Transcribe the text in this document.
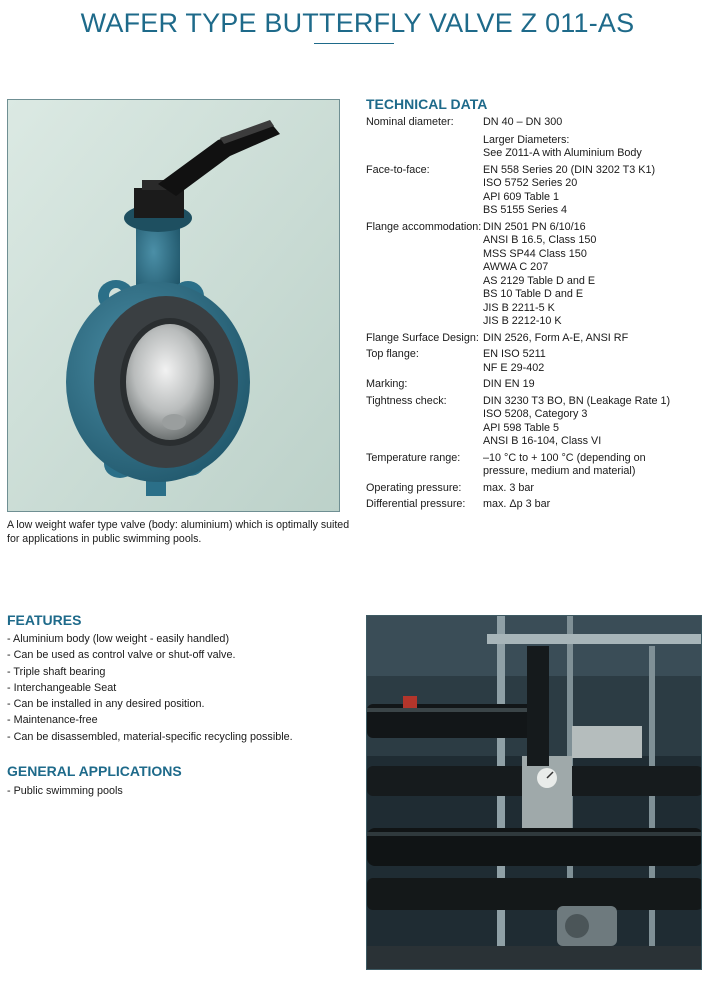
WAFER TYPE BUTTERFLY VALVE Z 011-AS
A low weight wafer type valve (body: aluminium) which is optimally suited for applications in public swimming pools.
TECHNICAL DATA
Nominal diameter:	DN 40 – DN 300
Larger Diameters:
See Z011-A with Aluminium Body
Face-to-face:	EN 558 Series 20 (DIN 3202 T3 K1)
ISO 5752 Series 20
API 609 Table 1
BS 5155 Series 4
Flange accommodation: DIN 2501 PN 6/10/16
ANSI B 16.5, Class 150
MSS SP44 Class 150
AWWA C 207
AS 2129 Table D and E
BS 10 Table D and E
JIS B 2211-5 K
JIS B 2212-10 K
Flange Surface Design: DIN 2526, Form A-E, ANSI RF
Top flange:	EN ISO 5211
NF E 29-402
Marking:	DIN EN 19
Tightness check:	DIN 3230 T3 BO, BN (Leakage Rate 1)
ISO 5208, Category 3
API 598 Table 5
ANSI B 16-104, Class VI
Temperature range:	–10 °C to + 100 °C (depending on
pressure, medium and material)
Operating pressure:	max. 3 bar
Differential pressure:	max. Δp 3 bar
FEATURES
- Aluminium body (low weight - easily handled)
- Can be used as control valve or shut-off valve.
- Triple shaft bearing
- Interchangeable Seat
- Can be installed in any desired position.
- Maintenance-free
- Can be disassembled, material-specific recycling possible.
GENERAL APPLICATIONS
- Public swimming pools
